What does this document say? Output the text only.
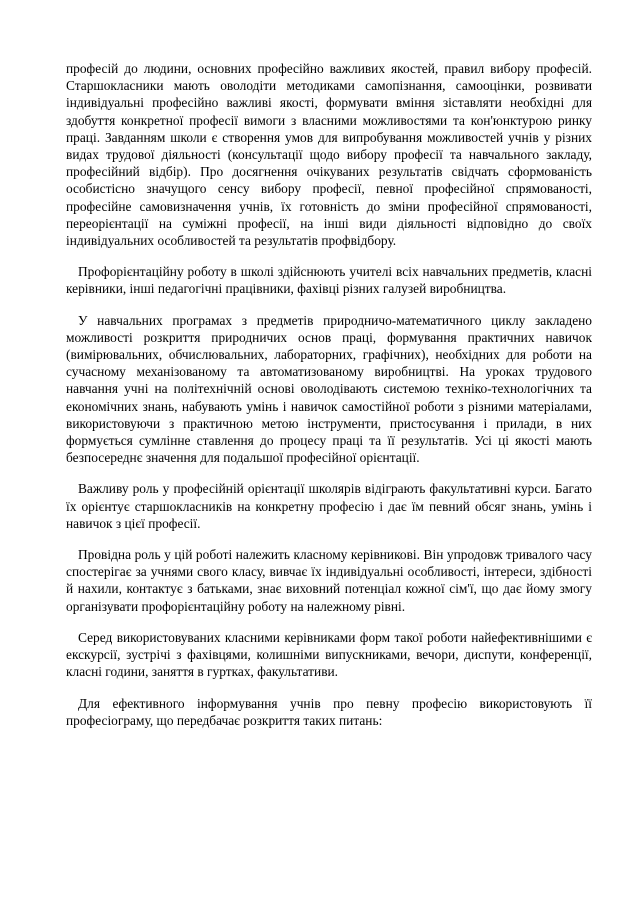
професій до людини, основних професійно важливих якостей, правил вибору професій. Старшокласники мають оволодіти методиками самопізнання, самооцінки, розвивати індивідуальні професійно важливі якості, формувати вміння зіставляти необхідні для здобуття конкретної професії вимоги з власними можливостями та кон'юнктурою ринку праці. Завданням школи є створення умов для випробування можливостей учнів у різних видах трудової діяльності (консультації щодо вибору професії та навчального закладу, професійний відбір). Про досягнення очікуваних результатів свідчать сформованість особистісно значущого сенсу вибору професії, певної професійної спрямованості, професійне самовизначення учнів, їх готовність до зміни професійної спрямованості, переорієнтації на суміжні професії, на інші види діяльності відповідно до своїх індивідуальних особливостей та результатів профвідбору.

Профорієнтаційну роботу в школі здійснюють учителі всіх навчальних предметів, класні керівники, інші педагогічні працівники, фахівці різних галузей виробництва.

У навчальних програмах з предметів природничо-математичного циклу закладено можливості розкриття природничих основ праці, формування практичних навичок (вимірювальних, обчислювальних, лабораторних, графічних), необхідних для роботи на сучасному механізованому та автоматизованому виробництві. На уроках трудового навчання учні на політехнічній основі оволодівають системою техніко-технологічних та економічних знань, набувають умінь і навичок самостійної роботи з різними матеріалами, використовуючи з практичною метою інструменти, пристосування і прилади, в них формується сумлінне ставлення до процесу праці та її результатів. Усі ці якості мають безпосереднє значення для подальшої професійної орієнтації.

Важливу роль у професійній орієнтації школярів відіграють факультативні курси. Багато їх орієнтує старшокласників на конкретну професію і дає їм певний обсяг знань, умінь і навичок з цієї професії.

Провідна роль у цій роботі належить класному керівникові. Він упродовж тривалого часу спостерігає за учнями свого класу, вивчає їх індивідуальні особливості, інтереси, здібності й нахили, контактує з батьками, знає виховний потенціал кожної сім'ї, що дає йому змогу організувати профорієнтаційну роботу на належному рівні.

Серед використовуваних класними керівниками форм такої роботи найефективнішими є екскурсії, зустрічі з фахівцями, колишніми випускниками, вечори, диспути, конференції, класні години, заняття в гуртках, факультативи.

Для ефективного інформування учнів про певну професію використовують її професіограму, що передбачає розкриття таких питань:
